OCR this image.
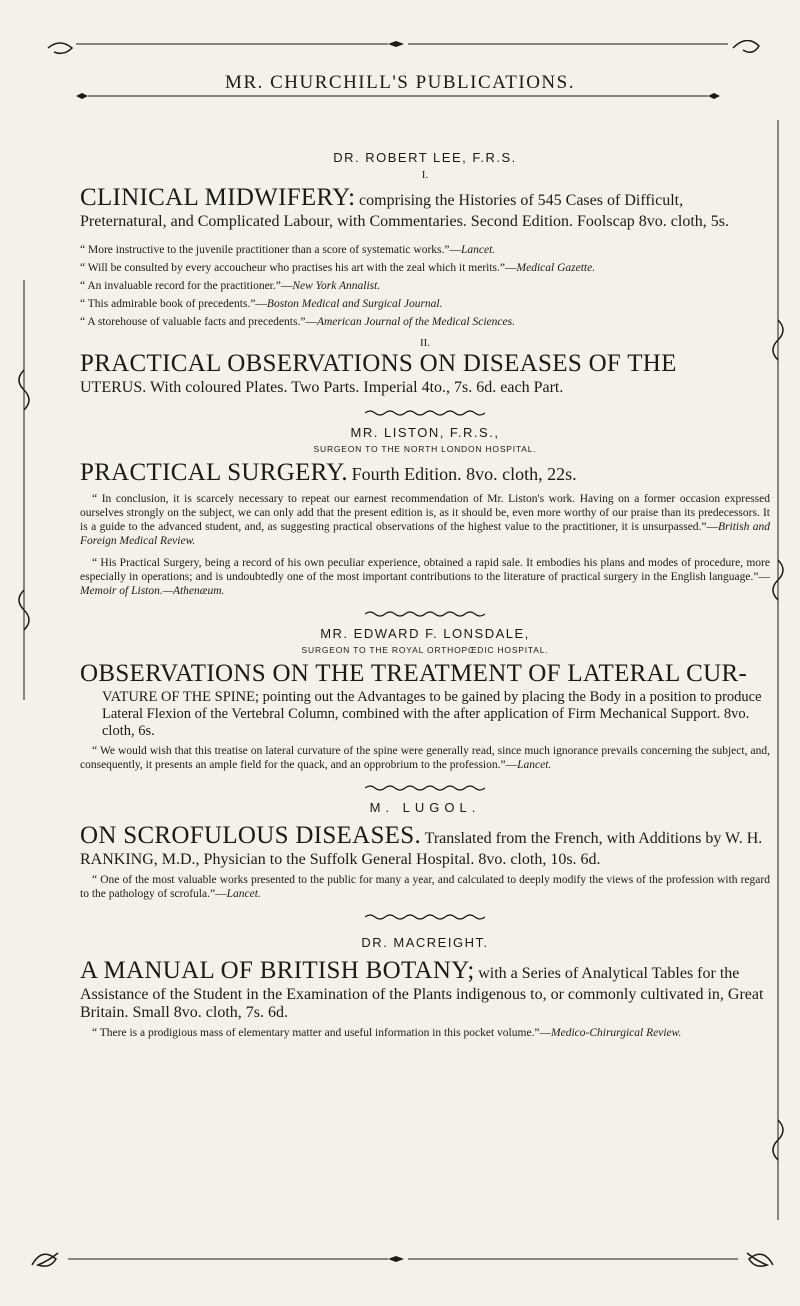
MR. CHURCHILL'S PUBLICATIONS.

DR. ROBERT LEE, F.R.S.

I.

CLINICAL MIDWIFERY: comprising the Histories of 545 Cases of Difficult, Preternatural, and Complicated Labour, with Commentaries. Second Edition. Foolscap 8vo. cloth, 5s.

“ More instructive to the juvenile practitioner than a score of systematic works.”—Lancet.

“ Will be consulted by every accoucheur who practises his art with the zeal which it merits.”—Medical Gazette.

“ An invaluable record for the practitioner.”—New York Annalist.

“ This admirable book of precedents.”—Boston Medical and Surgical Journal.

“ A storehouse of valuable facts and precedents.”—American Journal of the Medical Sciences.

II.

PRACTICAL OBSERVATIONS ON DISEASES OF THE
UTERUS. With coloured Plates. Two Parts. Imperial 4to., 7s. 6d. each Part.

MR. LISTON, F.R.S.,

SURGEON TO THE NORTH LONDON HOSPITAL.

PRACTICAL SURGERY. Fourth Edition. 8vo. cloth, 22s.

“ In conclusion, it is scarcely necessary to repeat our earnest recommendation of Mr. Liston's work. Having on a former occasion expressed ourselves strongly on the subject, we can only add that the present edition is, as it should be, even more worthy of our praise than its predecessors. It is a guide to the advanced student, and, as suggesting practical observations of the highest value to the practitioner, it is unsurpassed.”—British and Foreign Medical Review.

“ His Practical Surgery, being a record of his own peculiar experience, obtained a rapid sale. It embodies his plans and modes of procedure, more especially in operations; and is undoubtedly one of the most important contributions to the literature of practical surgery in the English language.”—Memoir of Liston.—Athenæum.

MR. EDWARD F. LONSDALE,

SURGEON TO THE ROYAL ORTHOPŒDIC HOSPITAL.

OBSERVATIONS ON THE TREATMENT OF LATERAL CUR-

VATURE OF THE SPINE; pointing out the Advantages to be gained by placing the Body in a position to produce Lateral Flexion of the Vertebral Column, combined with the after application of Firm Mechanical Support. 8vo. cloth, 6s.

“ We would wish that this treatise on lateral curvature of the spine were generally read, since much ignorance prevails concerning the subject, and, consequently, it presents an ample field for the quack, and an opprobrium to the profession.”—Lancet.

M. LUGOL.

ON SCROFULOUS DISEASES. Translated from the French, with Additions by W. H. RANKING, M.D., Physician to the Suffolk General Hospital. 8vo. cloth, 10s. 6d.

“ One of the most valuable works presented to the public for many a year, and calculated to deeply modify the views of the profession with regard to the pathology of scrofula.”—Lancet.

DR. MACREIGHT.

A MANUAL OF BRITISH BOTANY; with a Series of Analytical Tables for the Assistance of the Student in the Examination of the Plants indigenous to, or commonly cultivated in, Great Britain. Small 8vo. cloth, 7s. 6d.

“ There is a prodigious mass of elementary matter and useful information in this pocket volume.”—Medico-Chirurgical Review.
